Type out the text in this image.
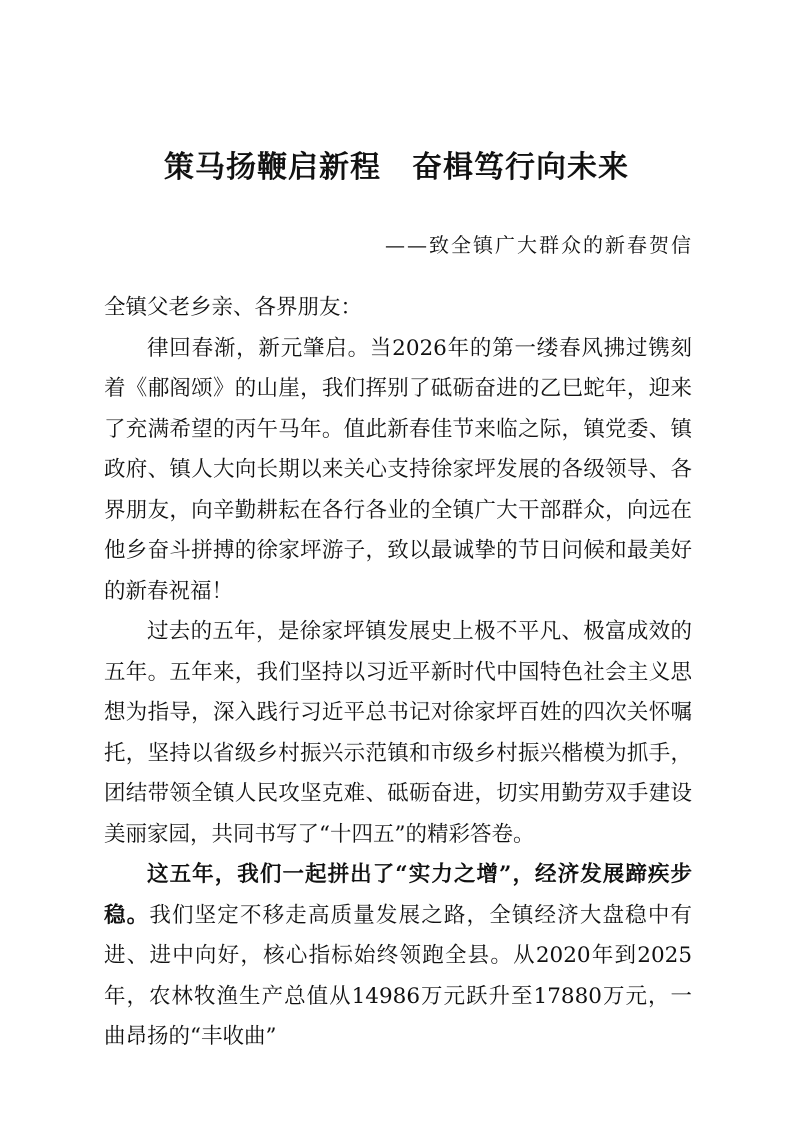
策马扬鞭启新程　奋楫笃行向未来
——致全镇广大群众的新春贺信

全镇父老乡亲、各界朋友：

律回春渐，新元肇启。当2026年的第一缕春风拂过镌刻着《郙阁颂》的山崖，我们挥别了砥砺奋进的乙巳蛇年，迎来了充满希望的丙午马年。值此新春佳节来临之际，镇党委、镇政府、镇人大向长期以来关心支持徐家坪发展的各级领导、各界朋友，向辛勤耕耘在各行各业的全镇广大干部群众，向远在他乡奋斗拼搏的徐家坪游子，致以最诚挚的节日问候和最美好的新春祝福！

过去的五年，是徐家坪镇发展史上极不平凡、极富成效的五年。五年来，我们坚持以习近平新时代中国特色社会主义思想为指导，深入践行习近平总书记对徐家坪百姓的四次关怀嘱托，坚持以省级乡村振兴示范镇和市级乡村振兴楷模为抓手，团结带领全镇人民攻坚克难、砥砺奋进，切实用勤劳双手建设美丽家园，共同书写了“十四五”的精彩答卷。

这五年，我们一起拼出了“实力之增”，经济发展蹄疾步稳。我们坚定不移走高质量发展之路，全镇经济大盘稳中有进、进中向好，核心指标始终领跑全县。从2020年到2025年，农林牧渔生产总值从14986万元跃升至17880万元，一曲昂扬的“丰收曲”
